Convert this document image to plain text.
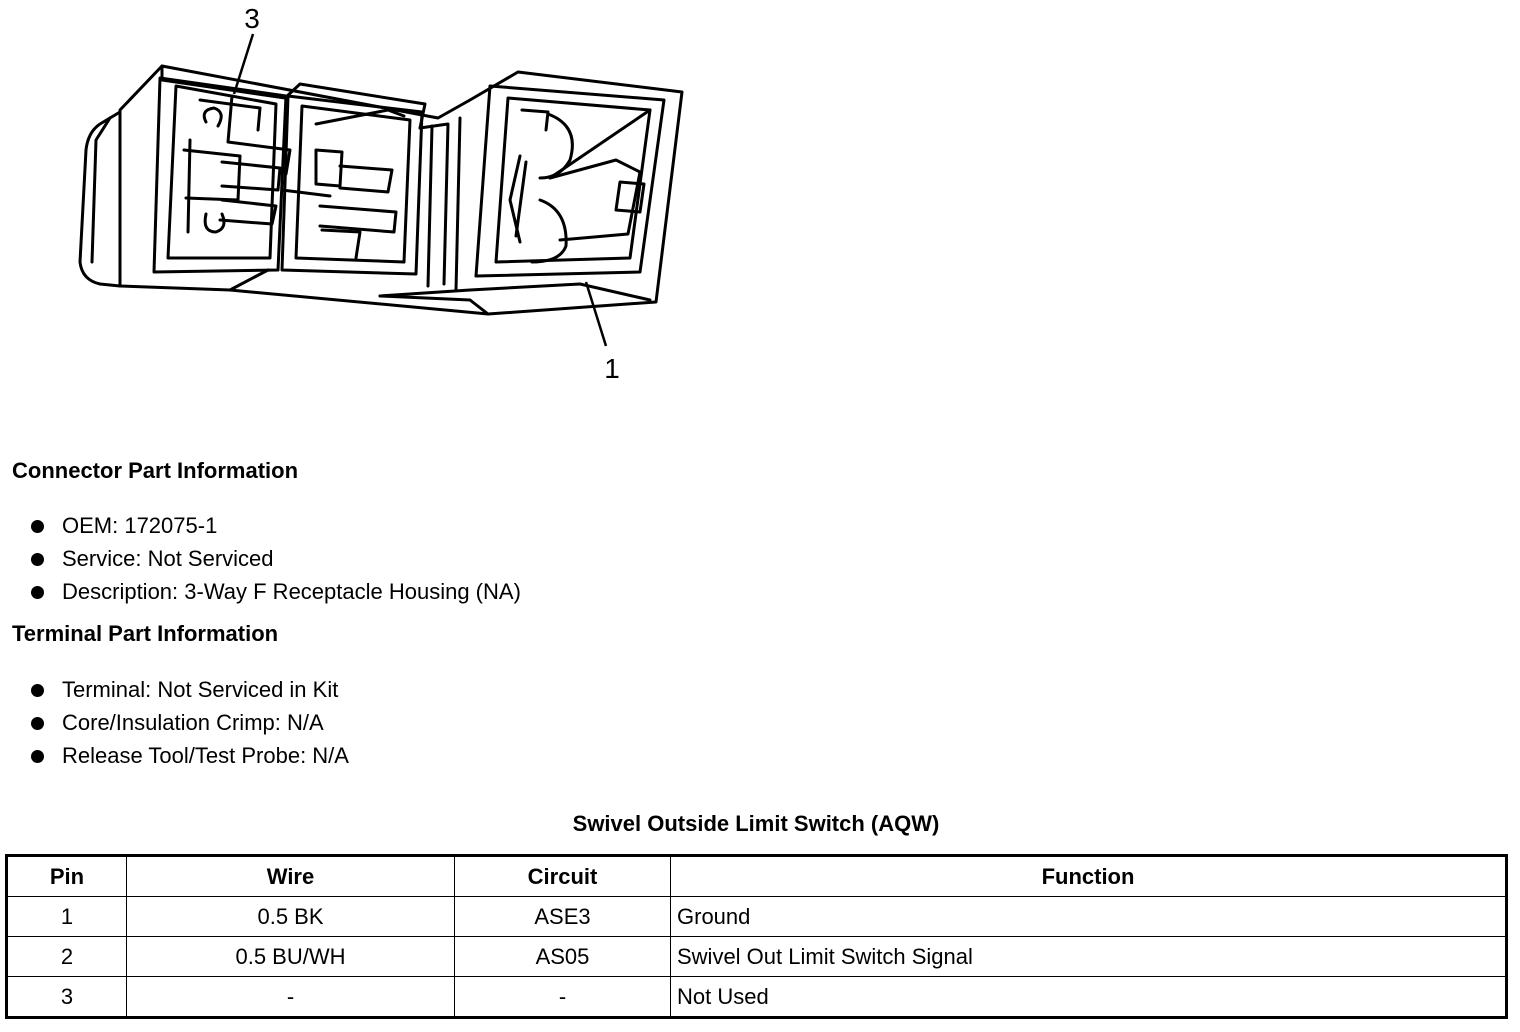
3
1
Connector Part Information
OEM: 172075-1
Service: Not Serviced
Description: 3-Way F Receptacle Housing (NA)
Terminal Part Information
Terminal: Not Serviced in Kit
Core/Insulation Crimp: N/A
Release Tool/Test Probe: N/A
Swivel Outside Limit Switch (AQW)
Pin	Wire	Circuit	Function
1	0.5 BK	ASE3	Ground
2	0.5 BU/WH	AS05	Swivel Out Limit Switch Signal
3	-	-	Not Used
